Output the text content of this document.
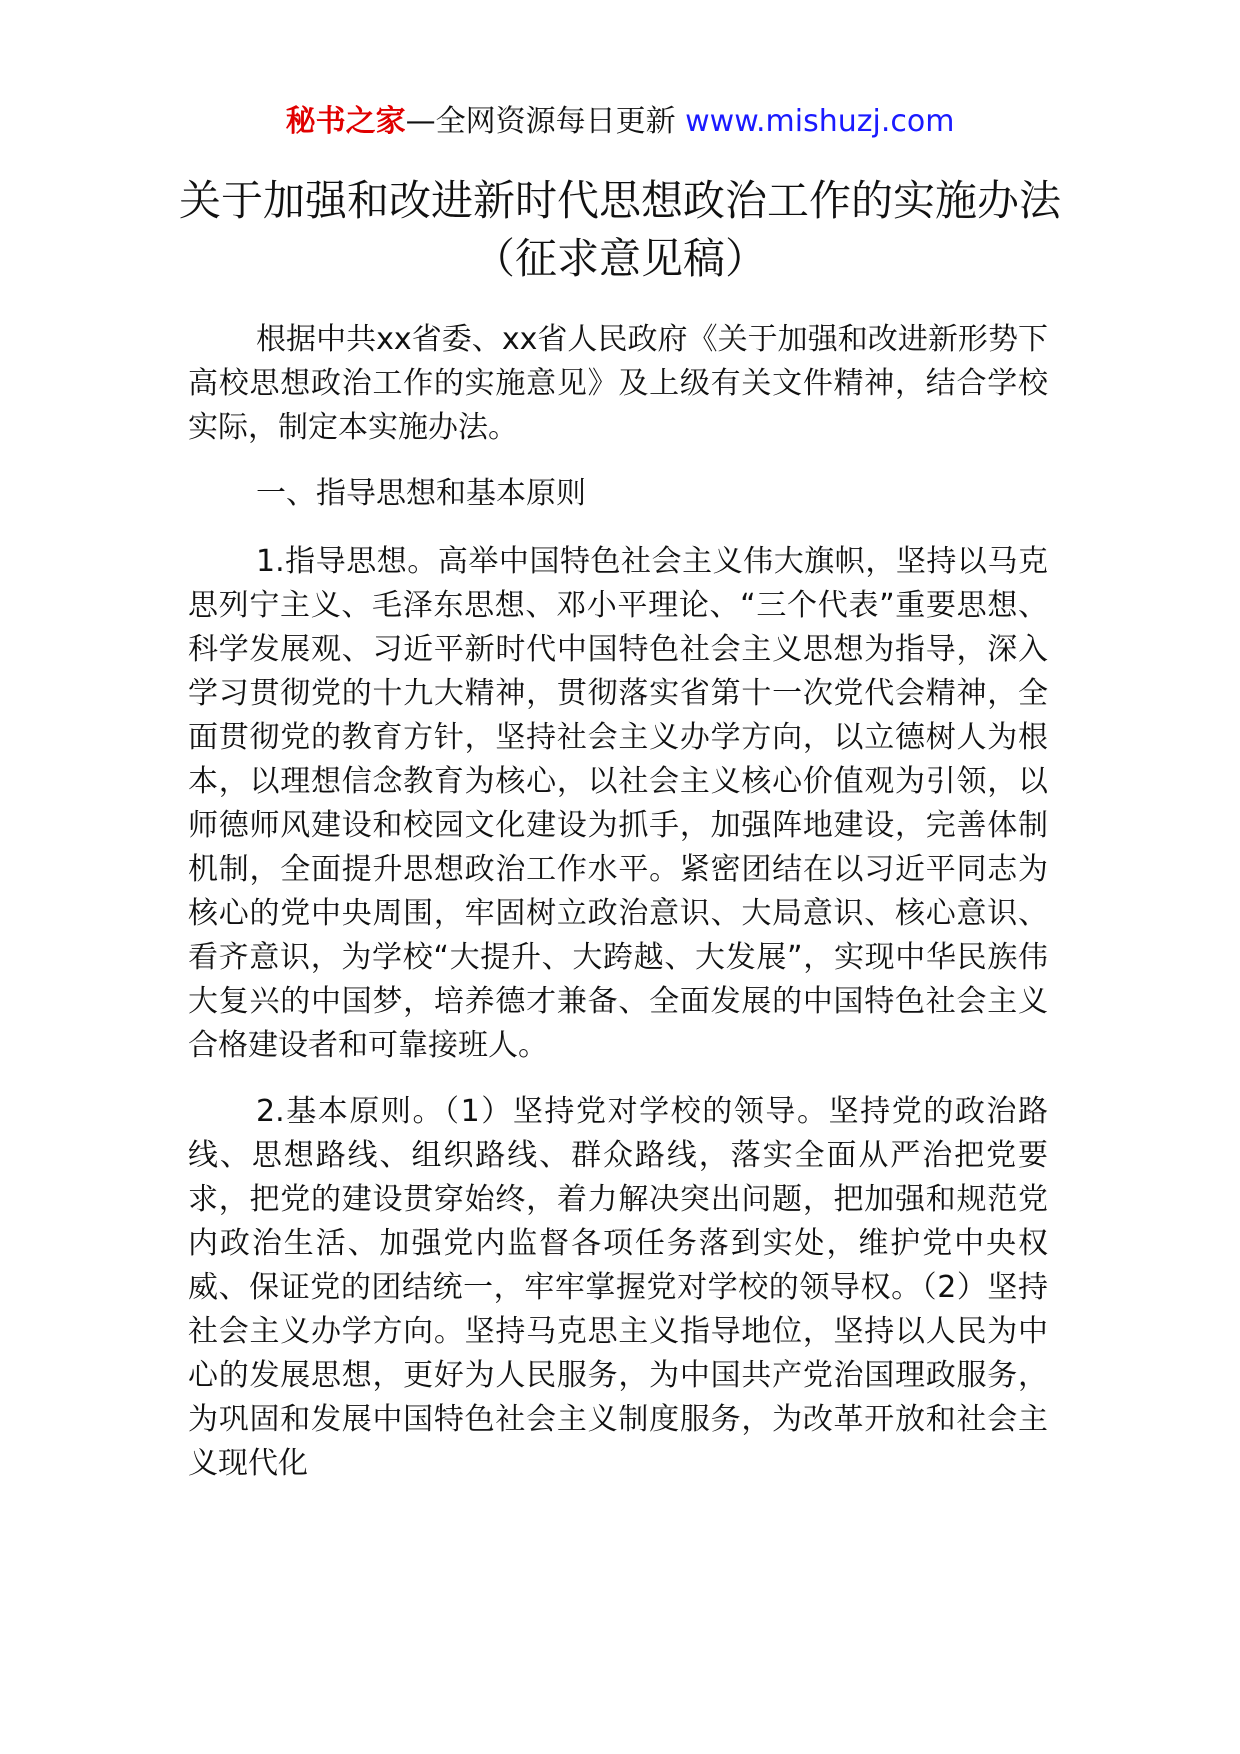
秘书之家—全网资源每日更新 www.mishuzj.com
关于加强和改进新时代思想政治工作的实施办法（征求意见稿）

根据中共xx省委、xx省人民政府《关于加强和改进新形势下高校思想政治工作的实施意见》及上级有关文件精神，结合学校实际，制定本实施办法。

一、指导思想和基本原则

1.指导思想。高举中国特色社会主义伟大旗帜，坚持以马克思列宁主义、毛泽东思想、邓小平理论、“三个代表”重要思想、科学发展观、习近平新时代中国特色社会主义思想为指导，深入学习贯彻党的十九大精神，贯彻落实省第十一次党代会精神，全面贯彻党的教育方针，坚持社会主义办学方向，以立德树人为根本，以理想信念教育为核心，以社会主义核心价值观为引领，以师德师风建设和校园文化建设为抓手，加强阵地建设，完善体制机制，全面提升思想政治工作水平。紧密团结在以习近平同志为核心的党中央周围，牢固树立政治意识、大局意识、核心意识、看齐意识，为学校“大提升、大跨越、大发展”，实现中华民族伟大复兴的中国梦，培养德才兼备、全面发展的中国特色社会主义合格建设者和可靠接班人。

2.基本原则。（1）坚持党对学校的领导。坚持党的政治路线、思想路线、组织路线、群众路线，落实全面从严治把党要求，把党的建设贯穿始终，着力解决突出问题，把加强和规范党内政治生活、加强党内监督各项任务落到实处，维护党中央权威、保证党的团结统一，牢牢掌握党对学校的领导权。（2）坚持社会主义办学方向。坚持马克思主义指导地位，坚持以人民为中心的发展思想，更好为人民服务，为中国共产党治国理政服务，为巩固和发展中国特色社会主义制度服务，为改革开放和社会主义现代化
